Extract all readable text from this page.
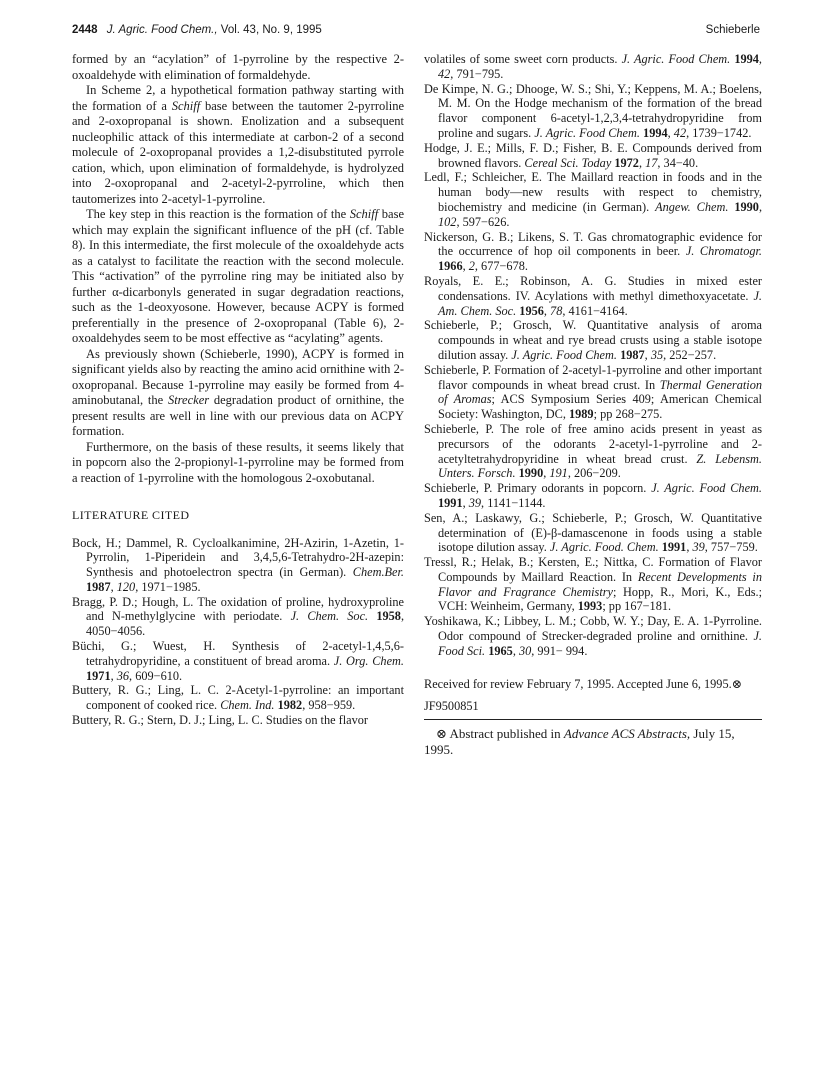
2448 J. Agric. Food Chem., Vol. 43, No. 9, 1995	Schieberle

formed by an “acylation” of 1-pyrroline by the respective 2-oxoaldehyde with elimination of formaldehyde.

In Scheme 2, a hypothetical formation pathway starting with the formation of a Schiff base between the tautomer 2-pyrroline and 2-oxopropanal is shown. Enolization and a subsequent nucleophilic attack of this intermediate at carbon-2 of a second molecule of 2-oxopropanal provides a 1,2-disubstituted pyrrole cation, which, upon elimination of formaldehyde, is hydrolyzed into 2-oxopropanal and 2-acetyl-2-pyrroline, which then tautomerizes into 2-acetyl-1-pyrroline.

The key step in this reaction is the formation of the Schiff base which may explain the significant influence of the pH (cf. Table 8). In this intermediate, the first molecule of the oxoaldehyde acts as a catalyst to facilitate the reaction with the second molecule. This “activation” of the pyrroline ring may be initiated also by further α-dicarbonyls generated in sugar degradation reactions, such as the 1-deoxyosone. However, because ACPY is formed preferentially in the presence of 2-oxopropanal (Table 6), 2-oxoaldehydes seem to be most effective as “acylating” agents.

As previously shown (Schieberle, 1990), ACPY is formed in significant yields also by reacting the amino acid ornithine with 2-oxopropanal. Because 1-pyrroline may easily be formed from 4-aminobutanal, the Strecker degradation product of ornithine, the present results are well in line with our previous data on ACPY formation.

Furthermore, on the basis of these results, it seems likely that in popcorn also the 2-propionyl-1-pyrroline may be formed from a reaction of 1-pyrroline with the homologous 2-oxobutanal.

LITERATURE CITED
Bock, H.; Dammel, R. Cycloalkanimine, 2H-Azirin, 1-Azetin, 1-Pyrrolin, 1-Piperidein and 3,4,5,6-Tetrahydro-2H-azepin: Synthesis and photoelectron spectra (in German). Chem.Ber. 1987, 120, 1971−1985.
Bragg, P. D.; Hough, L. The oxidation of proline, hydroxyproline and N-methylglycine with periodate. J. Chem. Soc. 1958, 4050−4056.
Büchi, G.; Wuest, H. Synthesis of 2-acetyl-1,4,5,6-tetrahydropyridine, a constituent of bread aroma. J. Org. Chem. 1971, 36, 609−610.
Buttery, R. G.; Ling, L. C. 2-Acetyl-1-pyrroline: an important component of cooked rice. Chem. Ind. 1982, 958−959.
Buttery, R. G.; Stern, D. J.; Ling, L. C. Studies on the flavor
volatiles of some sweet corn products. J. Agric. Food Chem. 1994, 42, 791−795.
De Kimpe, N. G.; Dhooge, W. S.; Shi, Y.; Keppens, M. A.; Boelens, M. M. On the Hodge mechanism of the formation of the bread flavor component 6-acetyl-1,2,3,4-tetrahydropyridine from proline and sugars. J. Agric. Food Chem. 1994, 42, 1739−1742.
Hodge, J. E.; Mills, F. D.; Fisher, B. E. Compounds derived from browned flavors. Cereal Sci. Today 1972, 17, 34−40.
Ledl, F.; Schleicher, E. The Maillard reaction in foods and in the human body—new results with respect to chemistry, biochemistry and medicine (in German). Angew. Chem. 1990, 102, 597−626.
Nickerson, G. B.; Likens, S. T. Gas chromatographic evidence for the occurrence of hop oil components in beer. J. Chromatogr. 1966, 2, 677−678.
Royals, E. E.; Robinson, A. G. Studies in mixed ester condensations. IV. Acylations with methyl dimethoxyacetate. J. Am. Chem. Soc. 1956, 78, 4161−4164.
Schieberle, P.; Grosch, W. Quantitative analysis of aroma compounds in wheat and rye bread crusts using a stable isotope dilution assay. J. Agric. Food Chem. 1987, 35, 252−257.
Schieberle, P. Formation of 2-acetyl-1-pyrroline and other important flavor compounds in wheat bread crust. In Thermal Generation of Aromas; ACS Symposium Series 409; American Chemical Society: Washington, DC, 1989; pp 268−275.
Schieberle, P. The role of free amino acids present in yeast as precursors of the odorants 2-acetyl-1-pyrroline and 2-acetyltetrahydropyridine in wheat bread crust. Z. Lebensm. Unters. Forsch. 1990, 191, 206−209.
Schieberle, P. Primary odorants in popcorn. J. Agric. Food Chem. 1991, 39, 1141−1144.
Sen, A.; Laskawy, G.; Schieberle, P.; Grosch, W. Quantitative determination of (E)-β-damascenone in foods using a stable isotope dilution assay. J. Agric. Food. Chem. 1991, 39, 757−759.
Tressl, R.; Helak, B.; Kersten, E.; Nittka, C. Formation of Flavor Compounds by Maillard Reaction. In Recent Developments in Flavor and Fragrance Chemistry; Hopp, R., Mori, K., Eds.; VCH: Weinheim, Germany, 1993; pp 167−181.
Yoshikawa, K.; Libbey, L. M.; Cobb, W. Y.; Day, E. A. 1-Pyrroline. Odor compound of Strecker-degraded proline and ornithine. J. Food Sci. 1965, 30, 991− 994.
Received for review February 7, 1995. Accepted June 6, 1995.⊗
JF9500851

⊗ Abstract published in Advance ACS Abstracts, July 15, 1995.
